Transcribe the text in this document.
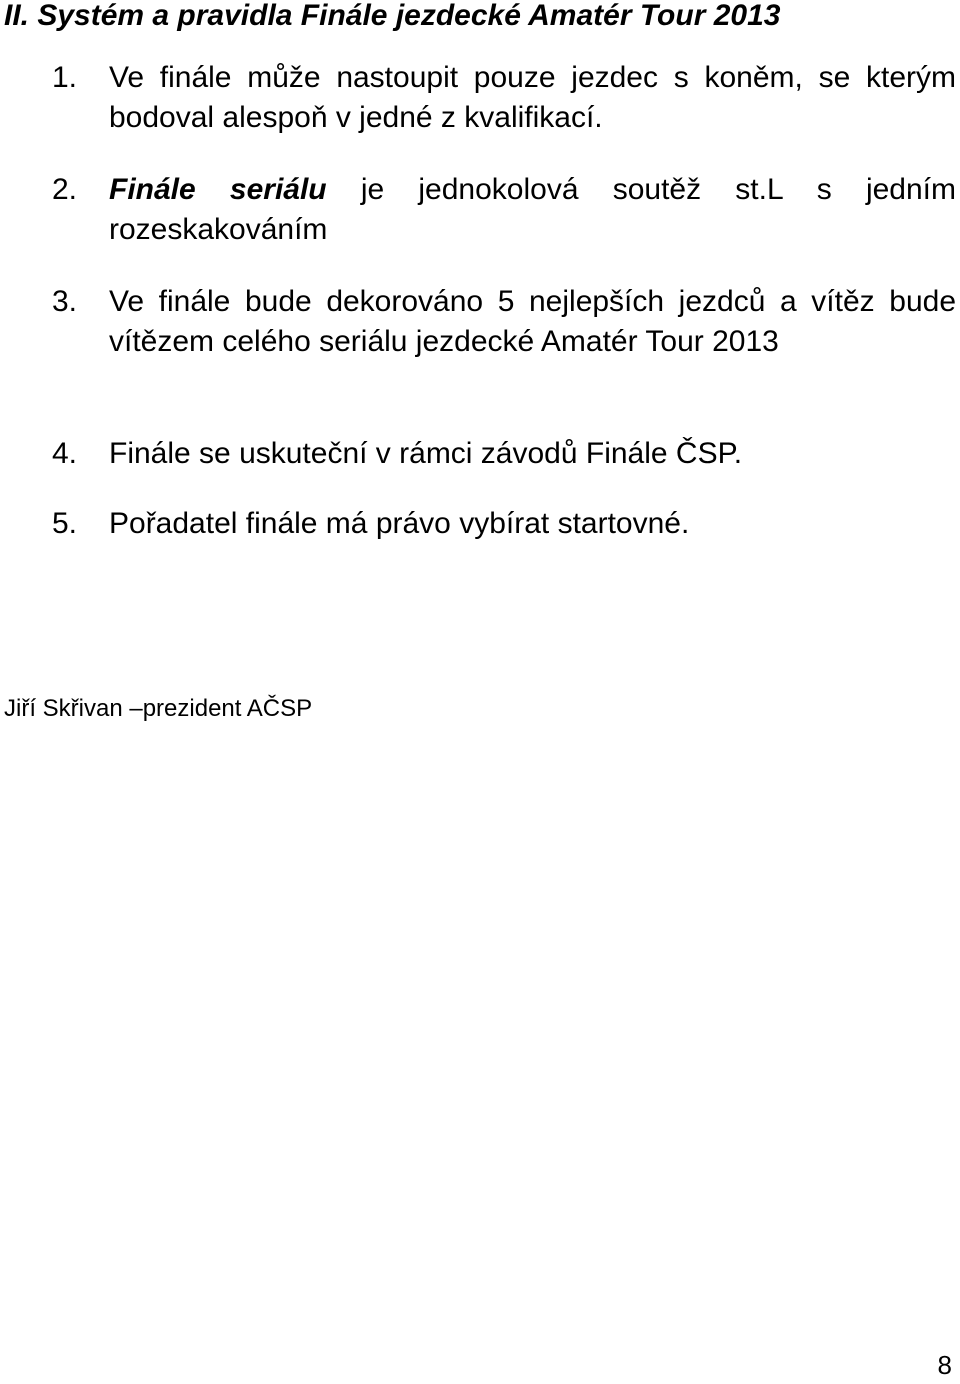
II. Systém a pravidla Finále jezdecké Amatér Tour 2013
1.	Ve finále může nastoupit pouze jezdec s koněm, se kterým bodoval alespoň v jedné z kvalifikací.
2.	Finále seriálu je jednokolová soutěž st.L s jedním rozeskakováním
3.	Ve finále bude dekorováno 5 nejlepších jezdců a vítěz bude vítězem celého seriálu jezdecké Amatér Tour 2013
4.	Finále se uskuteční v rámci závodů Finále ČSP.
5.	Pořadatel finále má právo vybírat startovné.
Jiří Skřivan –prezident AČSP
8
